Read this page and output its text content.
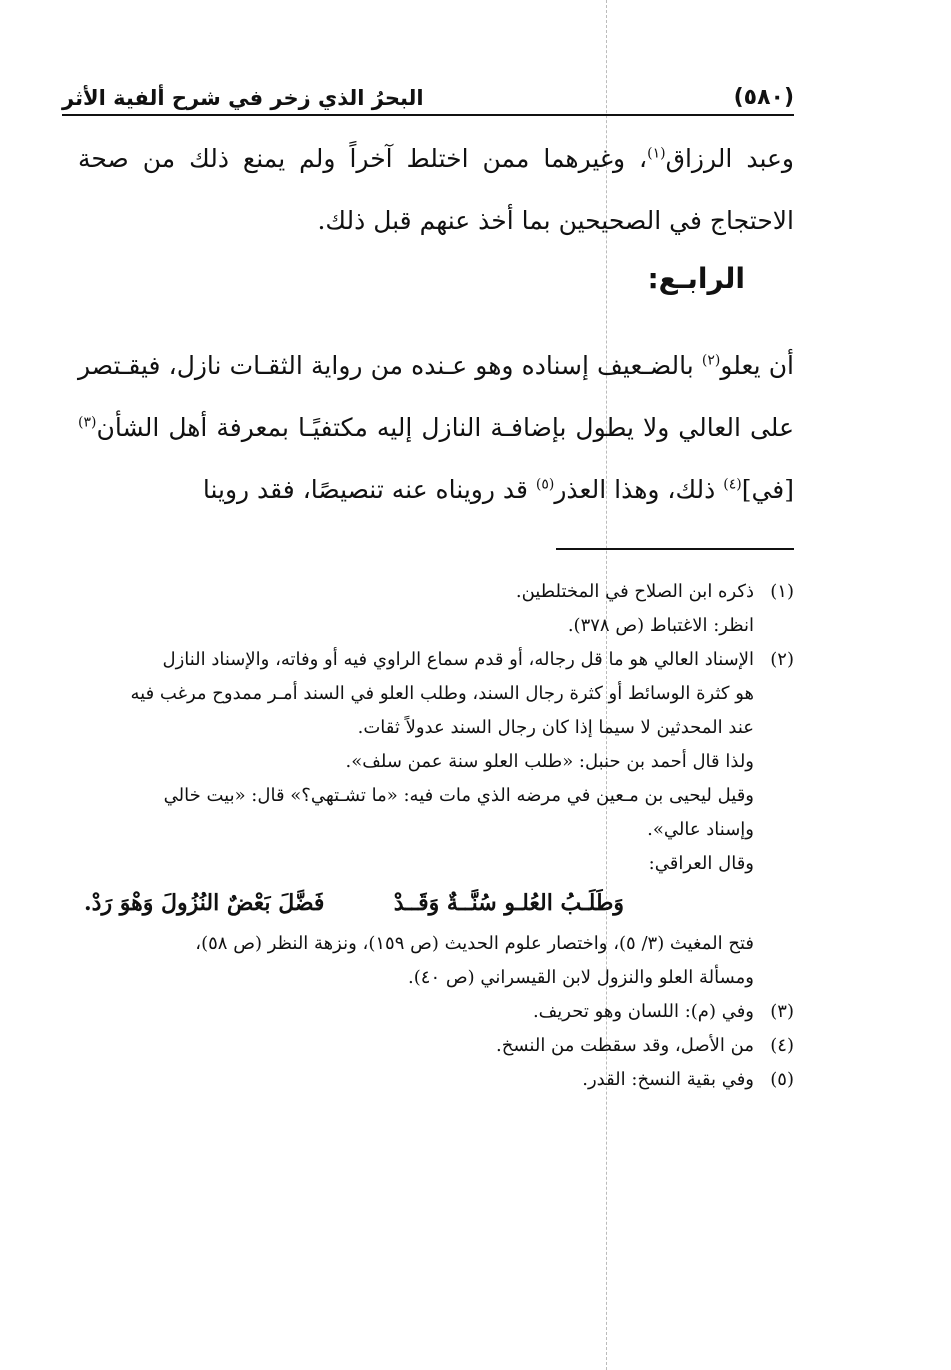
(٥٨٠)
البحرُ الذي زخر في شرح ألفية الأثر

وعبد الرزاق$^{(١)}$، وغيرهما ممن اختلط آخراً ولم يمنع ذلك من صحة الاحتجاج في الصحيحين بما أخذ عنهم قبل ذلك.

الرابـع:

أن يعلو$^{(٢)}$ بالضـعيف إسناده وهو عـنده من رواية الثقـات نازل، فيقـتصر على العالي ولا يطول بإضافـة النازل إليه مكتفيًـا بمعرفة أهل الشأن$^{(٣)}$ [في]$^{(٤)}$ ذلك، وهذا العذر$^{(٥)}$ قد رويناه عنه تنصيصًا، فقد روينا

(١)
ذكره ابن الصلاح في المختلطين.
انظر: الاغتباط (ص ٣٧٨).
(٢)
الإسناد العالي هو ما قل رجاله، أو قدم سماع الراوي فيه أو وفاته، والإسناد النازل
هو كثرة الوسائط أو كثرة رجال السند، وطلب العلو في السند أمـر ممدوح مرغب فيه
عند المحدثين لا سيما إذا كان رجال السند عدولاً ثقات.
ولذا قال أحمد بن حنبل: «طلب العلو سنة عمن سلف».
وقيل ليحيى بن مـعين في مرضه الذي مات فيه: «ما تشـتهي؟» قال: «بيت خالي
وإسناد عالي».
وقال العراقي:
وَطَلَـبُ العُلـو سُنَّــةٌ وَقَــدْ
فَضَّلَ بَعْضٌ النُزُولَ وَهْوَ رَدْ.
فتح المغيث (٣/ ٥)، واختصار علوم الحديث (ص ١٥٩)، ونزهة النظر (ص ٥٨)،
ومسألة العلو والنزول لابن القيسراني (ص ٤٠).
(٣)
وفي (م): اللسان وهو تحريف.
(٤)
من الأصل، وقد سقطت من النسخ.
(٥)
وفي بقية النسخ: القدر.
